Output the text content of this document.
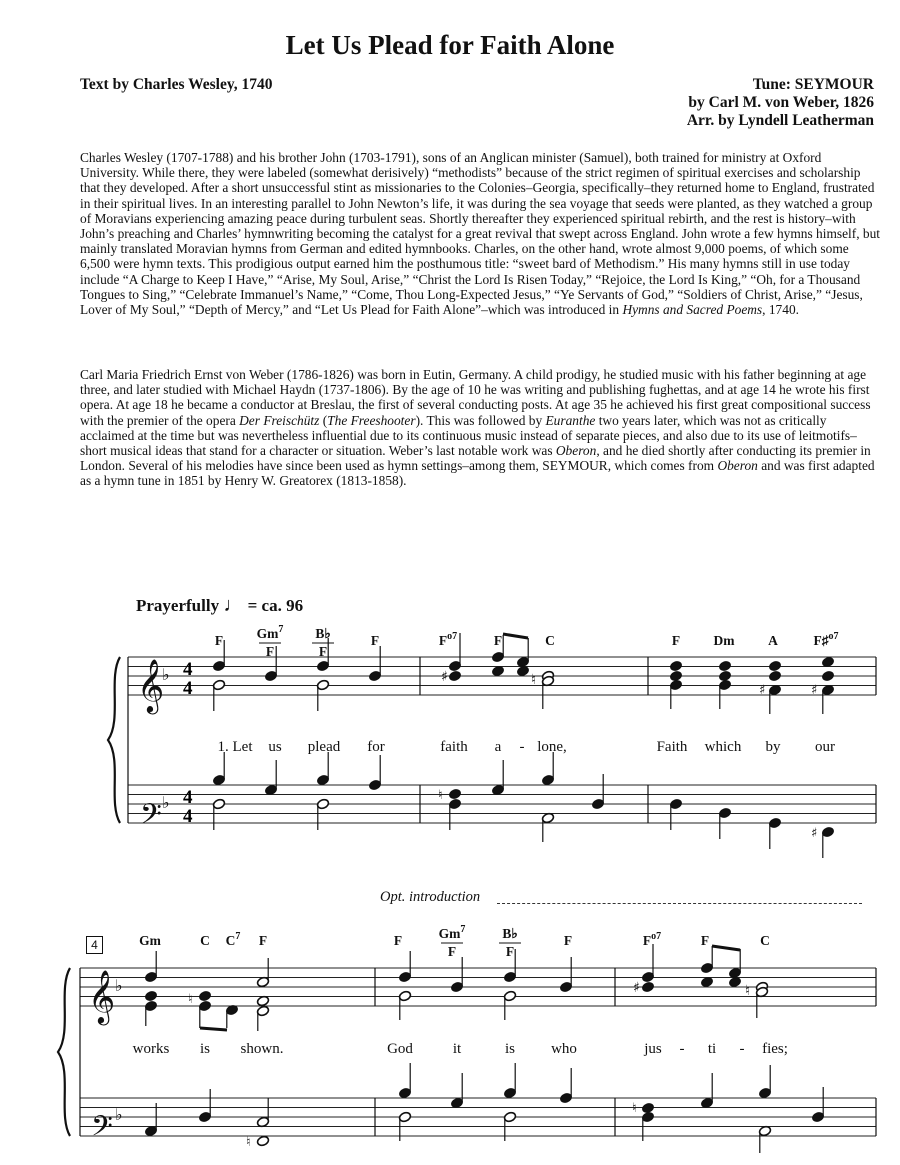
Let Us Plead for Faith Alone
Text by Charles Wesley, 1740	Tune: SEYMOUR
by Carl M. von Weber, 1826
Arr. by Lyndell Leatherman

Charles Wesley (1707-1788) and his brother John (1703-1791), sons of an Anglican minister (Samuel), both trained for ministry at Oxford University. While there, they were labeled (somewhat derisively) “methodists” because of the strict regimen of spiritual exercises and scholarship that they developed. After a short unsuccessful stint as missionaries to the Colonies–Georgia, specifically–they returned home to England, frustrated in their spiritual lives. In an interesting parallel to John Newton’s life, it was during the sea voyage that seeds were planted, as they watched a group of Moravians experiencing amazing peace during turbulent seas. Shortly thereafter they experienced spiritual rebirth, and the rest is history–with John’s preaching and Charles’ hymnwriting becoming the catalyst for a great revival that swept across England. John wrote a few hymns himself, but mainly translated Moravian hymns from German and edited hymnbooks. Charles, on the other hand, wrote almost 9,000 poems, of which some 6,500 were hymn texts. This prodigious output earned him the posthumous title: “sweet bard of Methodism.” His many hymns still in use today include “A Charge to Keep I Have,” “Arise, My Soul, Arise,” “Christ the Lord Is Risen Today,” “Rejoice, the Lord Is King,” “Oh, for a Thousand Tongues to Sing,” “Celebrate Immanuel’s Name,” “Come, Thou Long-Expected Jesus,” “Ye Servants of God,” “Soldiers of Christ, Arise,” “Jesus, Lover of My Soul,” “Depth of Mercy,” and “Let Us Plead for Faith Alone”–which was introduced in Hymns and Sacred Poems, 1740.

Carl Maria Friedrich Ernst von Weber (1786-1826) was born in Eutin, Germany. A child prodigy, he studied music with his father beginning at age three, and later studied with Michael Haydn (1737-1806). By the age of 10 he was writing and publishing fughettas, and at age 14 he wrote his first opera. At age 18 he became a conductor at Breslau, the first of several conducting posts. At age 35 he achieved his first great compositional success with the premier of the opera Der Freischütz (The Freeshooter). This was followed by Euranthe two years later, which was not as critically acclaimed at the time but was nevertheless influential due to its continuous music instead of separate pieces, and also due to its use of leitmotifs–short musical ideas that stand for a character or situation. Weber’s last notable work was Oberon, and he died shortly after conducting its premier in London. Several of his melodies have since been used as hymn settings–among them, SEYMOUR, which comes from Oberon and was first adapted as a hymn tune in 1851 by Henry W. Greatorex (1813-1858).

Prayerfully ♩ = ca. 96
Opt. introduction
4
𝄞
𝄢
♭
♭
4
4
4
4
♯	♮
♯	♯
♮
♯
F Gm$^7$
F
B♭
F
F	$F^{o7}$	F	C	F Dm A	F♯$^{o7}$
1. Let us plead for	faith a - lone,	Faith which by our
𝄞
𝄢
♭
♭
♮
♯	♮
♮
♮
Gm	C $C^7$ F	F	Gm$^7$
F
B♭
F
F	$F^{o7}$	F	C
works is shown.	God	it	is who	jus - ti - fies;
